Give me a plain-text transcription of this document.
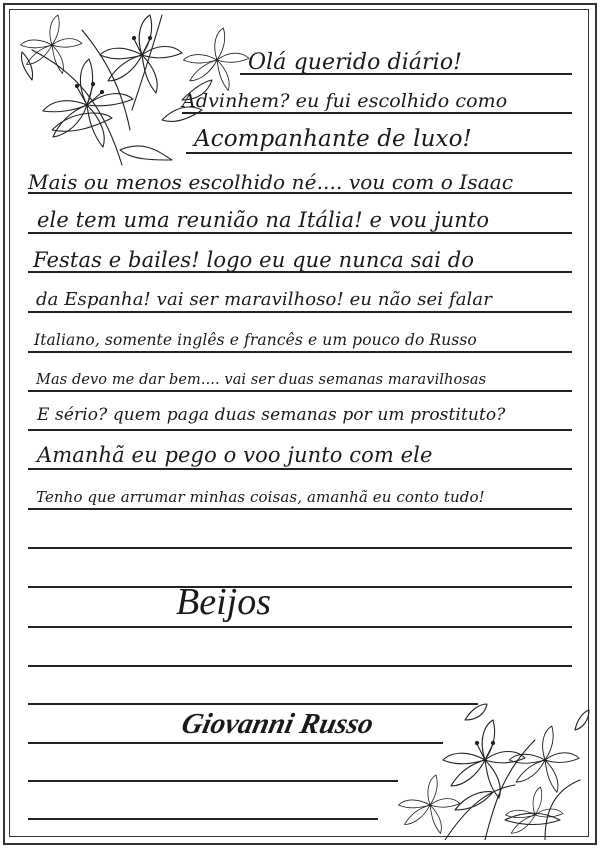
Olá querido diário!
Advinhem? eu fui escolhido como
Acompanhante de luxo!
Mais ou menos escolhido né.... vou com o Isaac
ele tem uma reunião na Itália! e vou junto
Festas e bailes! logo eu que nunca sai do
da Espanha! vai ser maravilhoso! eu não sei falar
Italiano, somente inglês e francês e um pouco do Russo
Mas devo me dar bem.... vai ser duas semanas maravilhosas
E sério? quem paga duas semanas por um prostituto?
Amanhã eu pego o voo junto com ele
Tenho que arrumar minhas coisas, amanhã eu conto tudo!
Beijos
Giovanni Russo
